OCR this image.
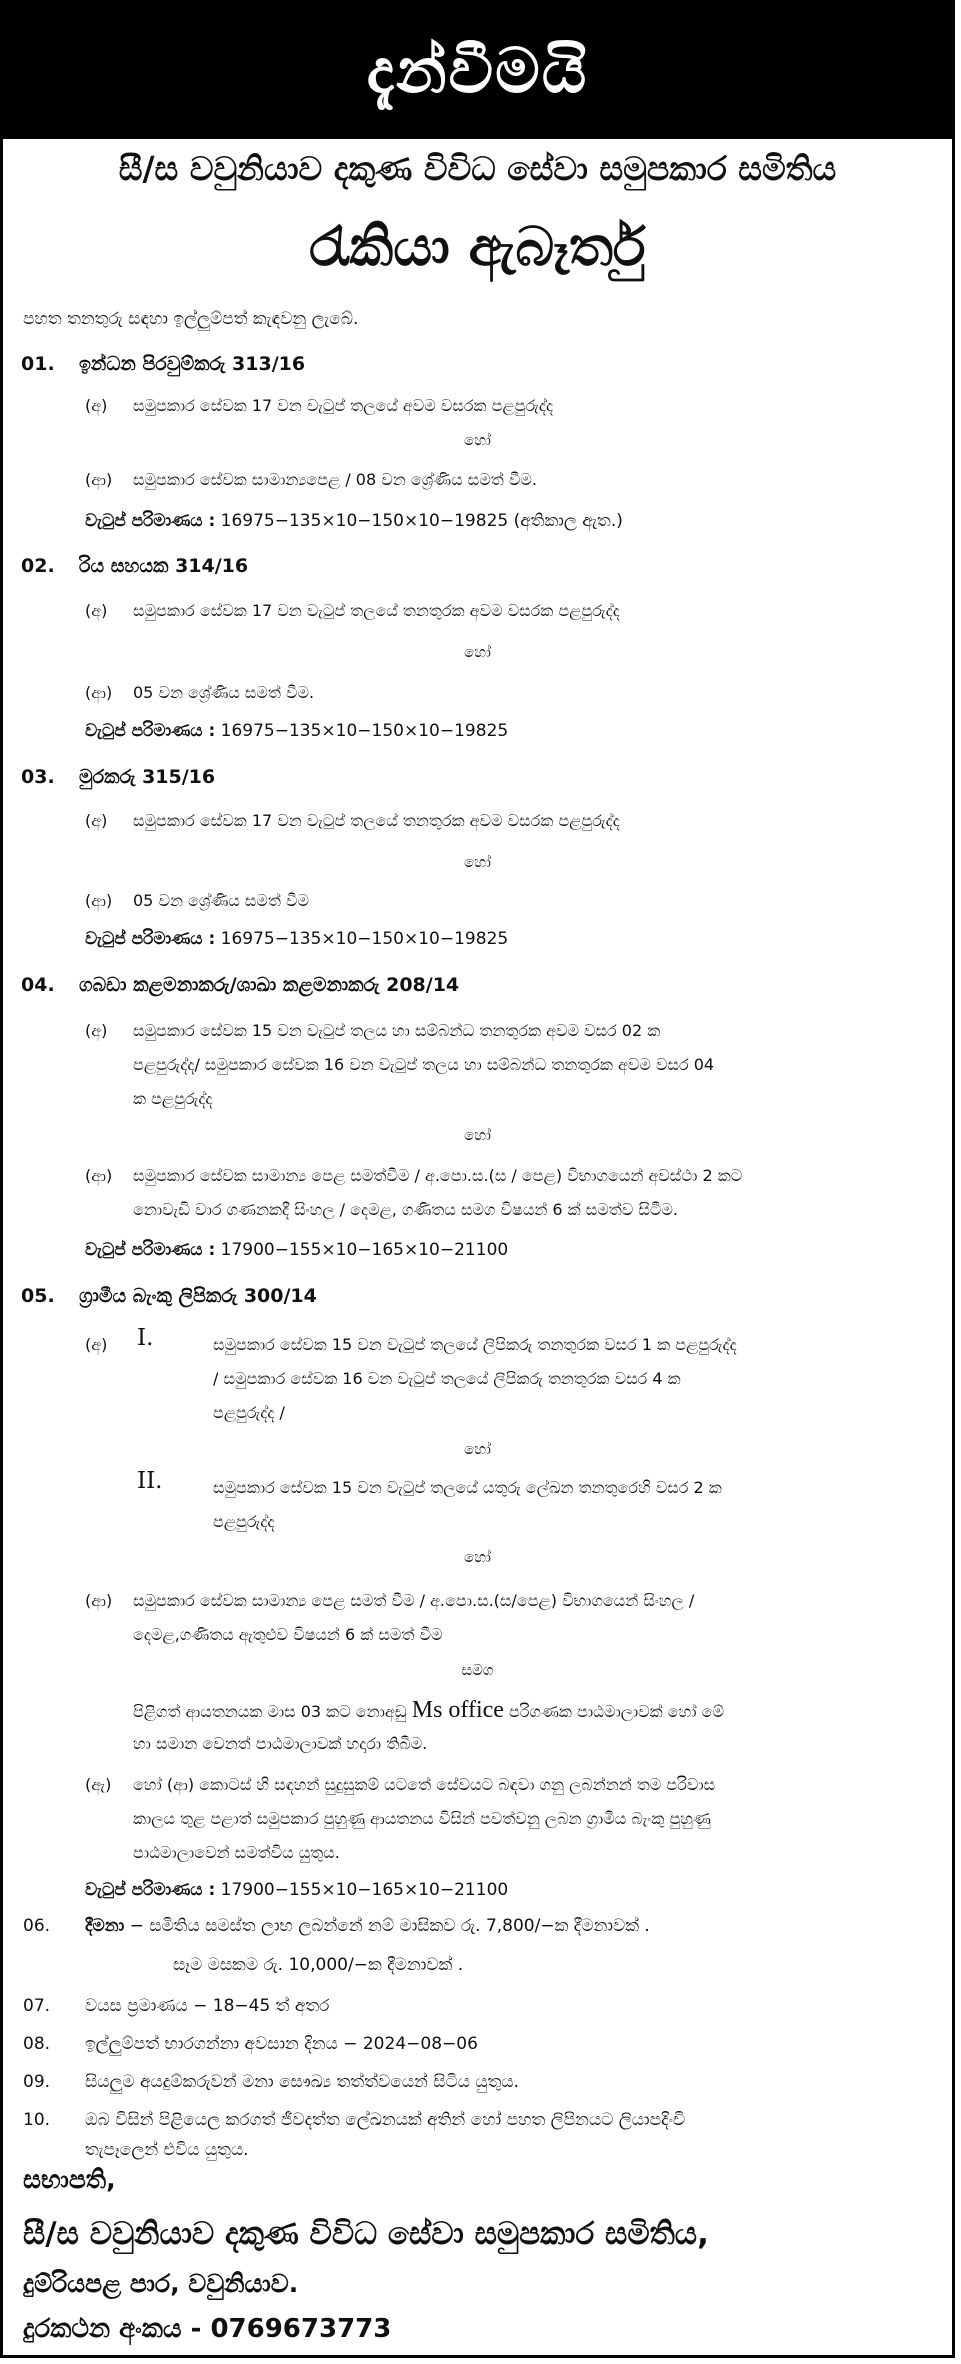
දැන්වීමයි
සී/ස වවුනියාව දකුණ විවිධ සේවා සමුපකාර සමිතිය
රැකියා ඇබෑර්තු
පහත තනතුරු සඳහා ඉල්ලුම්පත් කැඳවනු ලැබේ.
01. ඉන්ධන පිරවුම්කරු 313/16
(අ) සමුපකාර සේවක 17 වන වැටුප් තලයේ අවම වසරක පළපුරුද්ද
හෝ
(ආ) සමුපකාර සේවක සාමාන්‍යපෙළ / 08 වන ශ්‍රේණිය සමත් වීම.
වැටුප් පරිමාණය : 16975−135×10−150×10−19825 (අතිකාල ඇත.)
02. රිය සහයක 314/16
(අ) සමුපකාර සේවක 17 වන වැටුප් තලයේ තනතුරක අවම වසරක පළපුරුද්ද
හෝ
(ආ) 05 වන ශ්‍රේණිය සමත් වීම.
වැටුප් පරිමාණය : 16975−135×10−150×10−19825
03. මුරකරු 315/16
(අ) සමුපකාර සේවක 17 වන වැටුප් තලයේ තනතුරක අවම වසරක පළපුරුද්ද
හෝ
(ආ) 05 වන ශ්‍රේණිය සමත් වීම
වැටුප් පරිමාණය : 16975−135×10−150×10−19825
04. ගබඩා කළමනාකරු/ශාඛා කළමනාකරු 208/14
(අ) සමුපකාර සේවක 15 වන වැටුප් තලය හා සම්බන්ධ තනතුරක අවම වසර 02 ක
පළපුරුද්ද/ සමුපකාර සේවක 16 වන වැටුප් තලය හා සම්බන්ධ තනතුරක අවම වසර 04
ක පළපුරුද්ද
හෝ
(ආ) සමුපකාර සේවක සාමාන්‍ය පෙළ සමත්වීම / අ.පො.ස.(ස / පෙළ) විභාගයෙන් අවස්ථා 2 කට
නොවැඩි වාර ගණනකදී සිංහල / දෙමළ, ගණිතය සමග විෂයන් 6 ක් සමත්ව සිටීම.
වැටුප් පරිමාණය : 17900−155×10−165×10−21100
05. ග්‍රාමීය බැංකු ලිපිකරු 300/14
(අ) I.	සමුපකාර සේවක 15 වන වැටුප් තලයේ ලිපිකරු තනතුරක වසර 1 ක පළපුරුද්ද
/ සමුපකාර සේවක 16 වන වැටුප් තලයේ ලිපිකරු තනතුරක වසර 4 ක
පළපුරුද්ද /
හෝ
II.	සමුපකාර සේවක 15 වන වැටුප් තලයේ යතුරු ලේඛන තනතුරෙහි වසර 2 ක
පළපුරුද්ද
හෝ
(ආ) සමුපකාර සේවක සාමාන්‍ය පෙළ සමත් වීම / අ.පො.ස.(ස/පෙළ) විභාගයෙන් සිංහල /
දෙමළ,ගණිතය ඇතුළුව විෂයන් 6 ක් සමත් වීම
සමග
පිළිගත් ආයතනයක මාස 03 කට නොඅඩු Ms office පරිගණක පාඨමාලාවක් හෝ මේ
හා සමාන වෙනත් පාඨමාලාවක් හදාරා තිබීම.
(ඇ) හෝ (ආ) කොටස් හි සඳහන් සුදුසුකම් යටතේ සේවයට බඳවා ගනු ලබන්නන් තම පරිවාස
කාලය තුළ පළාත් සමුපකාර පුහුණු ආයතනය විසින් පවත්වනු ලබන ග්‍රාමීය බැංකු පුහුණු
පාඨමාලාවෙන් සමත්විය යුතුය.
වැටුප් පරිමාණය : 17900−155×10−165×10−21100
06. දීමනා − සමිතිය සමස්ත ලාභ ලබන්නේ නම් මාසිකව රු. 7,800/−ක දීමනාවක් .
සෑම මසකම රු. 10,000/−ක දීමනාවක් .
07. වයස ප්‍රමාණය − 18−45 ත් අතර
08. ඉල්ලුම්පත් භාරගන්නා අවසාන දිනය − 2024−08−06
09. සියලුම අයදුම්කරුවන් මනා සෞඛ්‍ය තත්ත්වයෙන් සිටිය යුතුය.
10. ඔබ විසින් පිළියෙල කරගත් ජීවදත්ත ලේඛනයක් අතින් හෝ පහත ලිපිනයට ලියාපදිංචි
තැපෑලෙන් එවිය යුතුය.
සභාපති,
සී/ස වවුනියාව දකුණ විවිධ සේවා සමුපකාර සමිතිය,
දුම්රියපළ පාර, වවුනියාව.
දුරකථන අංකය - 0769673773
